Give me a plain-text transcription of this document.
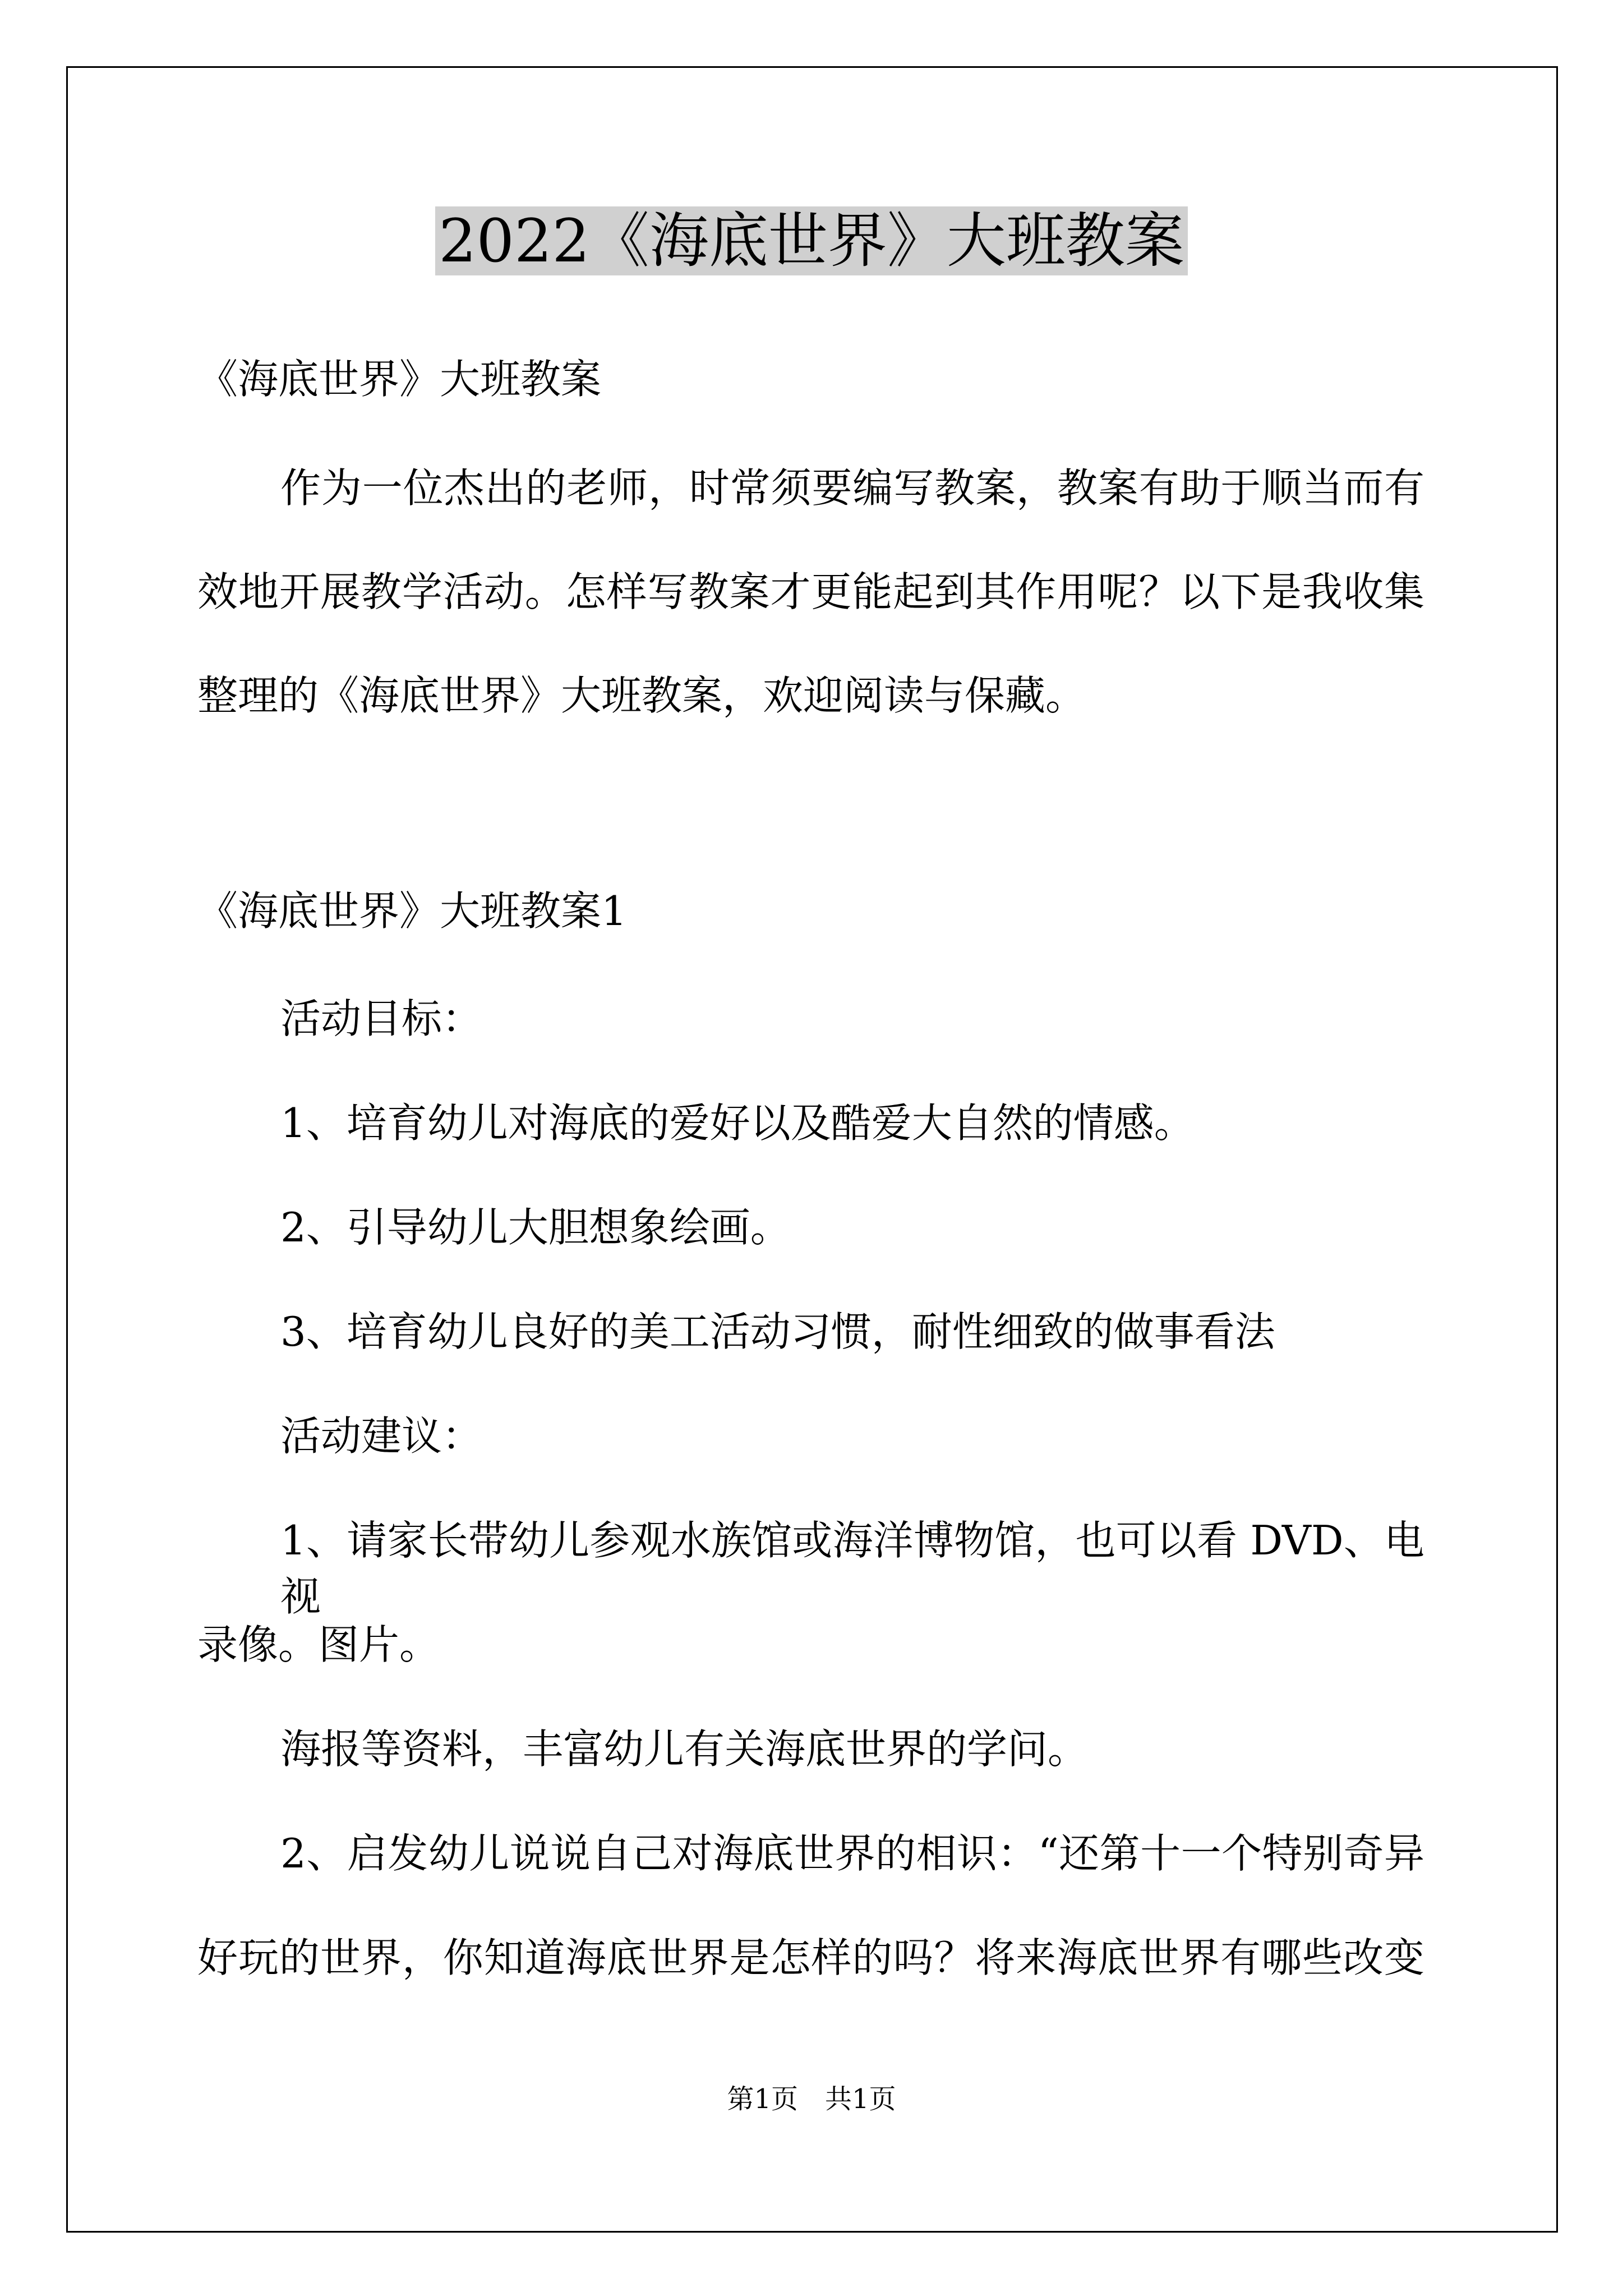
2022《海底世界》大班教案
《海底世界》大班教案
作为一位杰出的老师，时常须要编写教案，教案有助于顺当而有
效地开展教学活动。怎样写教案才更能起到其作用呢？以下是我收集
整理的《海底世界》大班教案，欢迎阅读与保藏。
《海底世界》大班教案1
活动目标：
1、培育幼儿对海底的爱好以及酷爱大自然的情感。
2、引导幼儿大胆想象绘画。
3、培育幼儿良好的美工活动习惯，耐性细致的做事看法
活动建议：
1、请家长带幼儿参观水族馆或海洋博物馆，也可以看 DVD、电视
录像。图片。
海报等资料，丰富幼儿有关海底世界的学问。
2、启发幼儿说说自己对海底世界的相识：“还第十一个特别奇异
好玩的世界，你知道海底世界是怎样的吗？将来海底世界有哪些改变
第1页　共1页
